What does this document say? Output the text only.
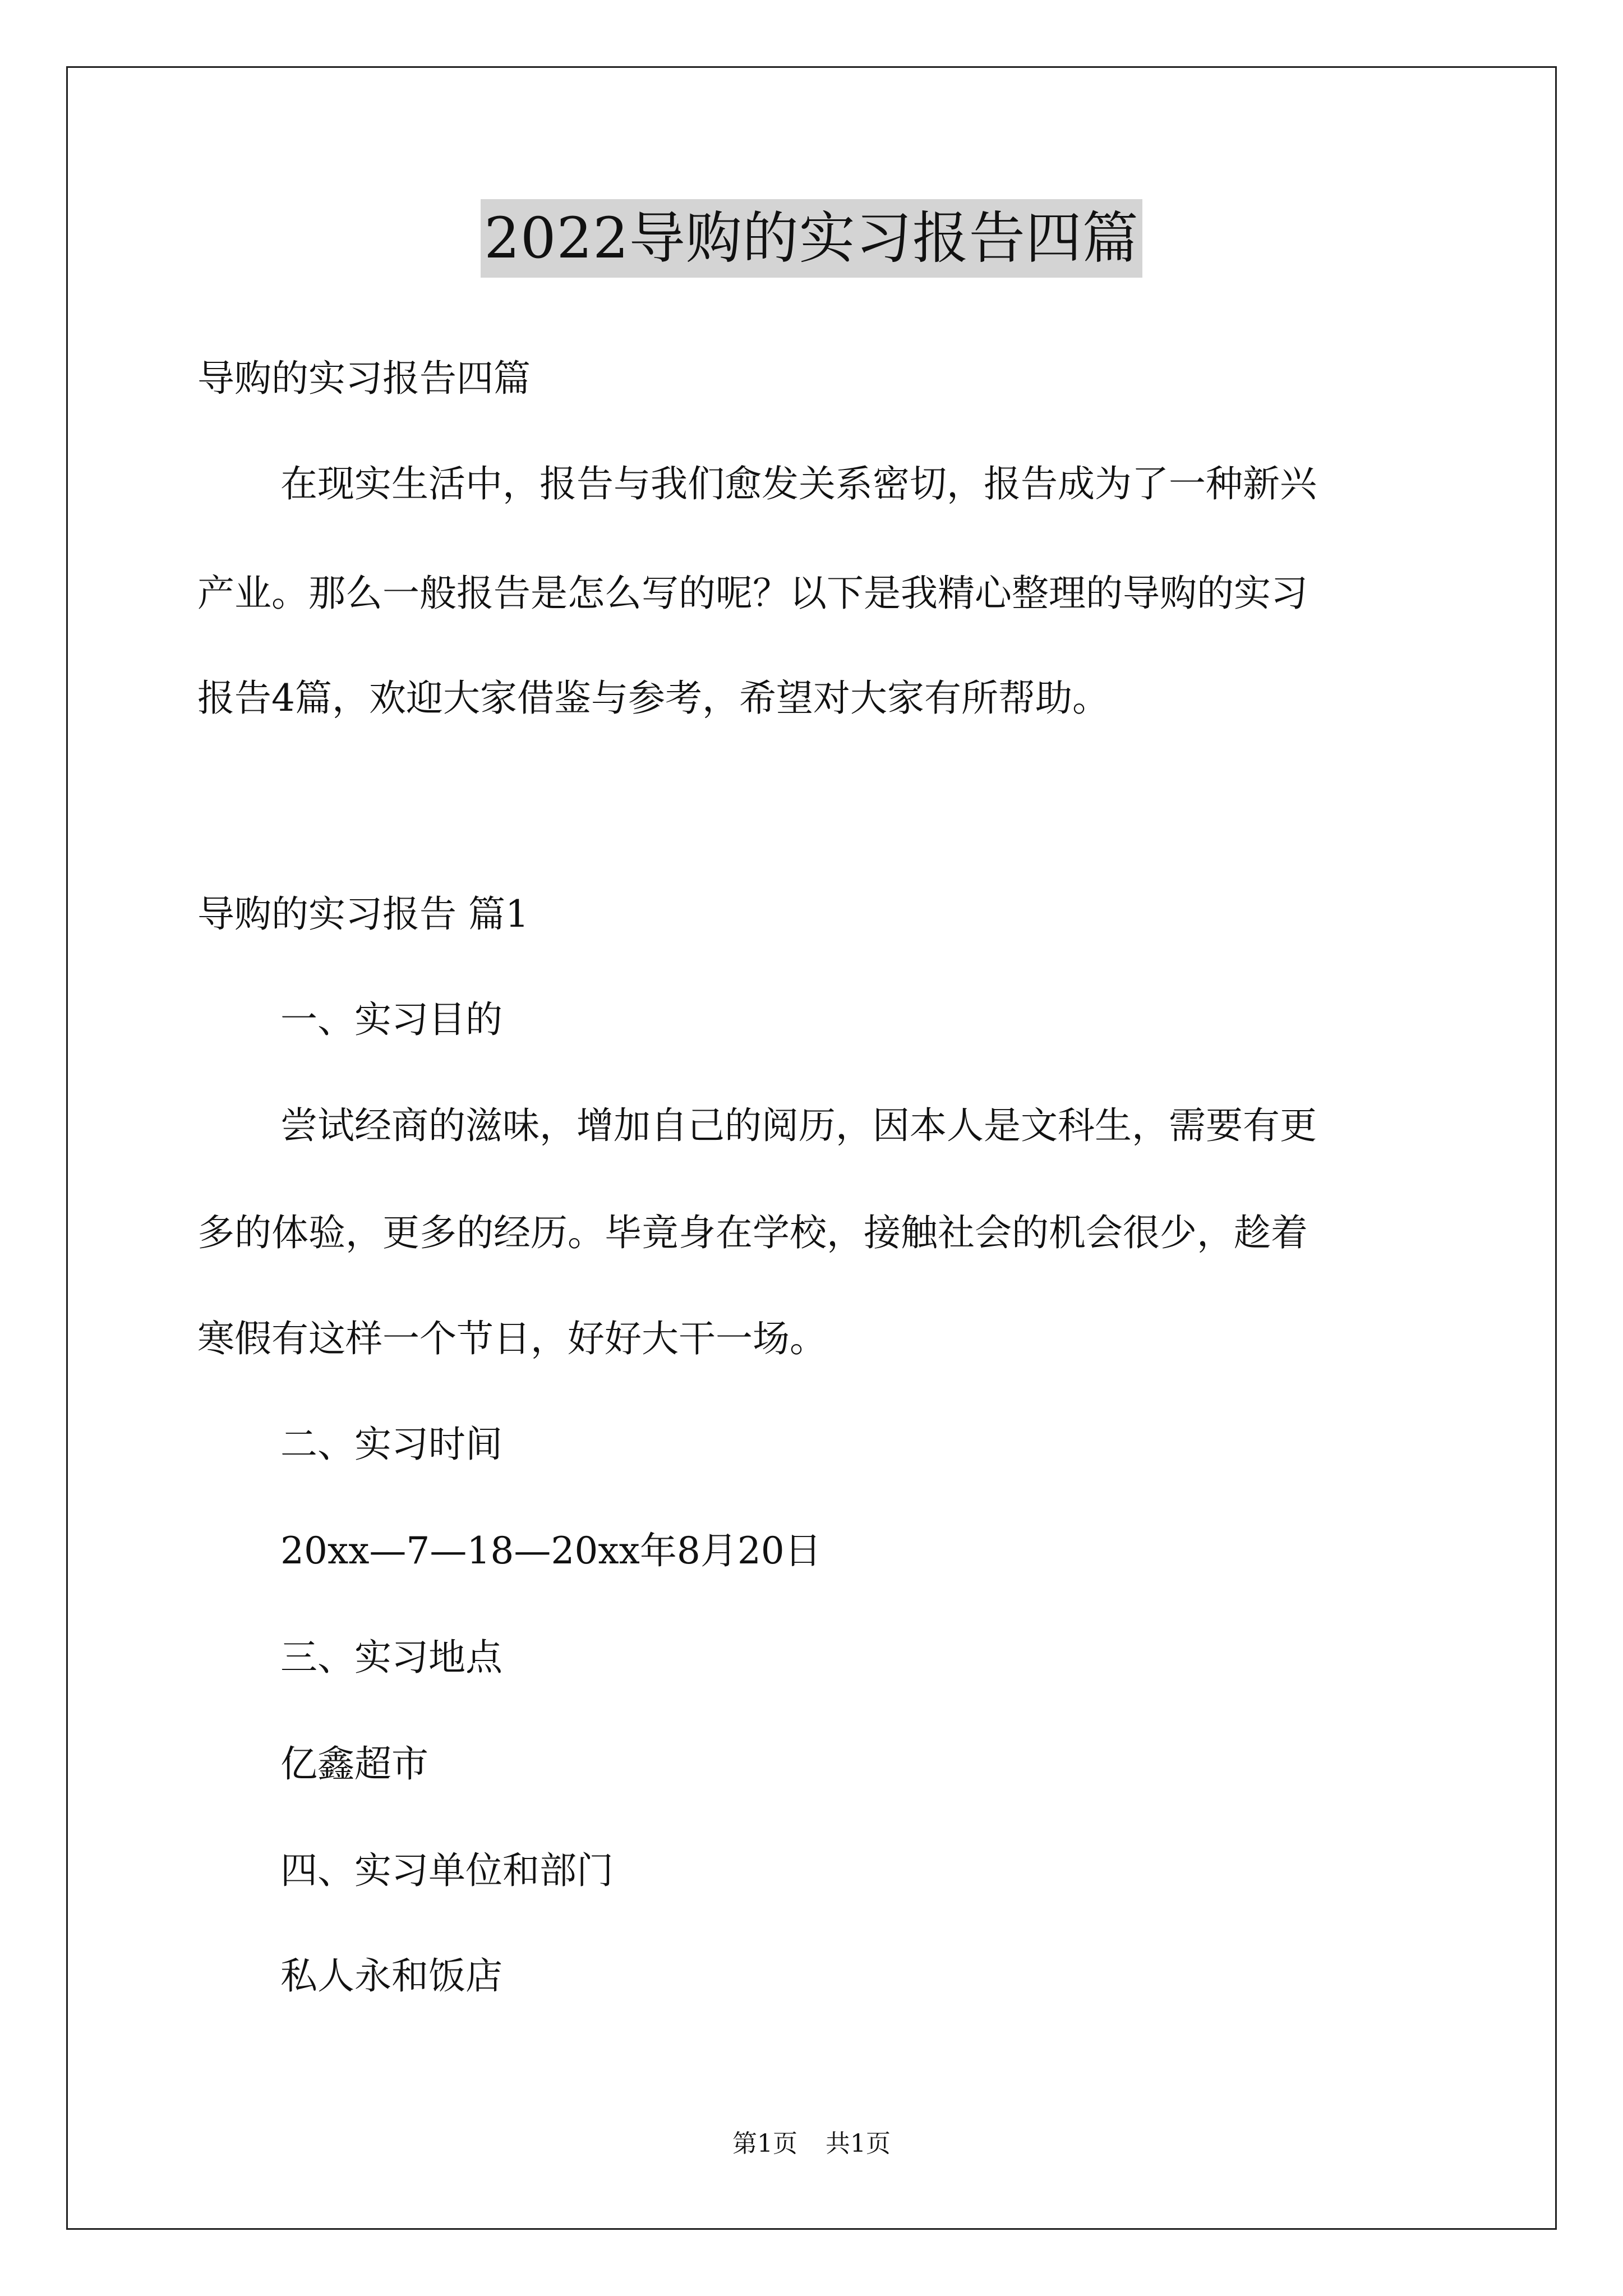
2022导购的实习报告四篇
导购的实习报告四篇
在现实生活中，报告与我们愈发关系密切，报告成为了一种新兴
产业。那么一般报告是怎么写的呢？以下是我精心整理的导购的实习
报告4篇，欢迎大家借鉴与参考，希望对大家有所帮助。
导购的实习报告 篇1
一、实习目的
尝试经商的滋味，增加自己的阅历，因本人是文科生，需要有更
多的体验，更多的经历。毕竟身在学校，接触社会的机会很少，趁着
寒假有这样一个节日，好好大干一场。
二、实习时间
20xx—7—18—20xx年8月20日
三、实习地点
亿鑫超市
四、实习单位和部门
私人永和饭店
第1页 共1页
